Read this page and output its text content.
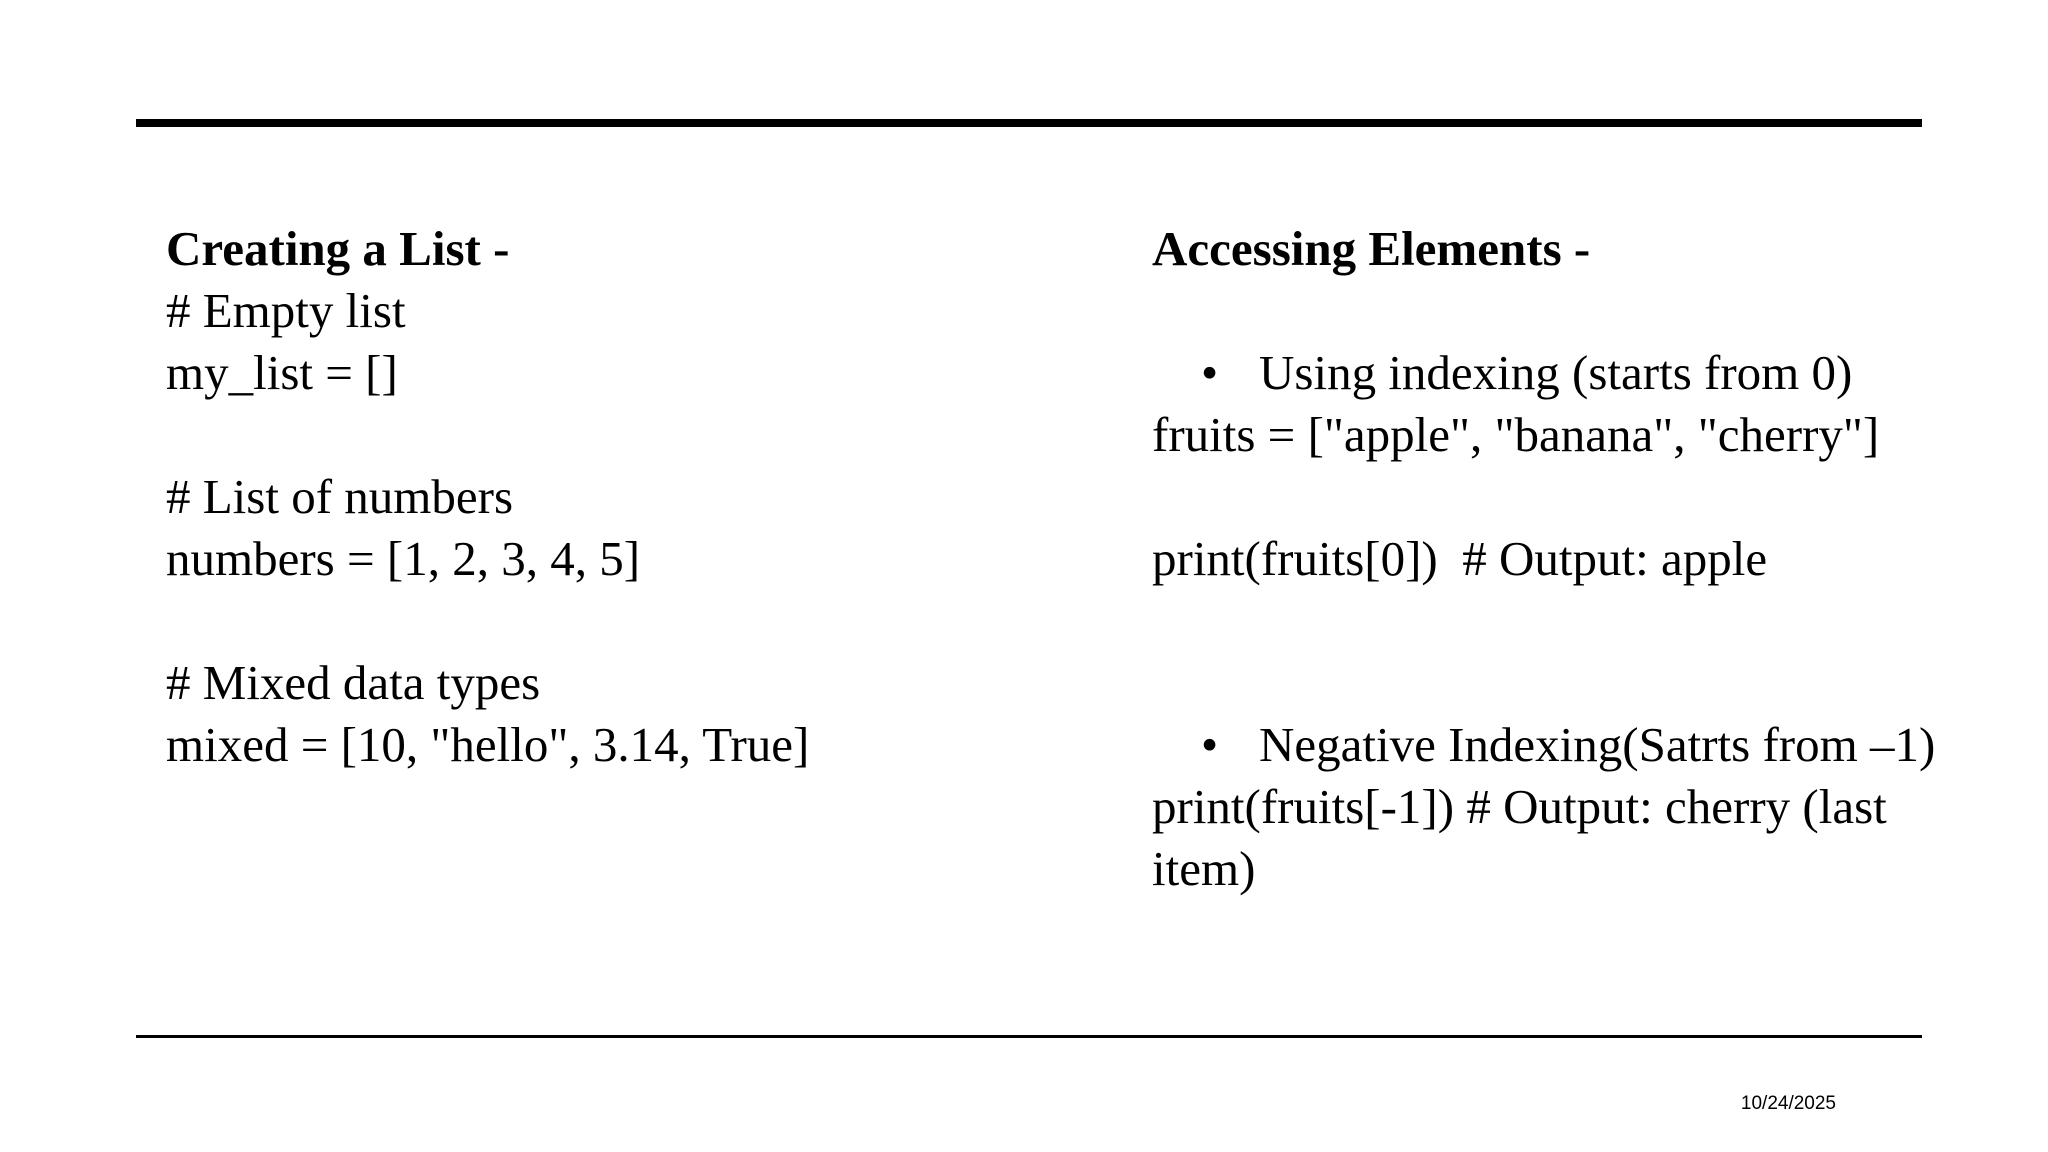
Creating a List -
# Empty list
my_list = []
# List of numbers
numbers = [1, 2, 3, 4, 5]
# Mixed data types
mixed = [10, "hello", 3.14, True]
Accessing Elements -

• Using indexing (starts from 0)

fruits = ["apple", "banana", "cherry"]
print(fruits[0])  # Output: apple

• Negative Indexing(Satrts from –1)

print(fruits[-1]) # Output: cherry (last item)
10/24/2025
